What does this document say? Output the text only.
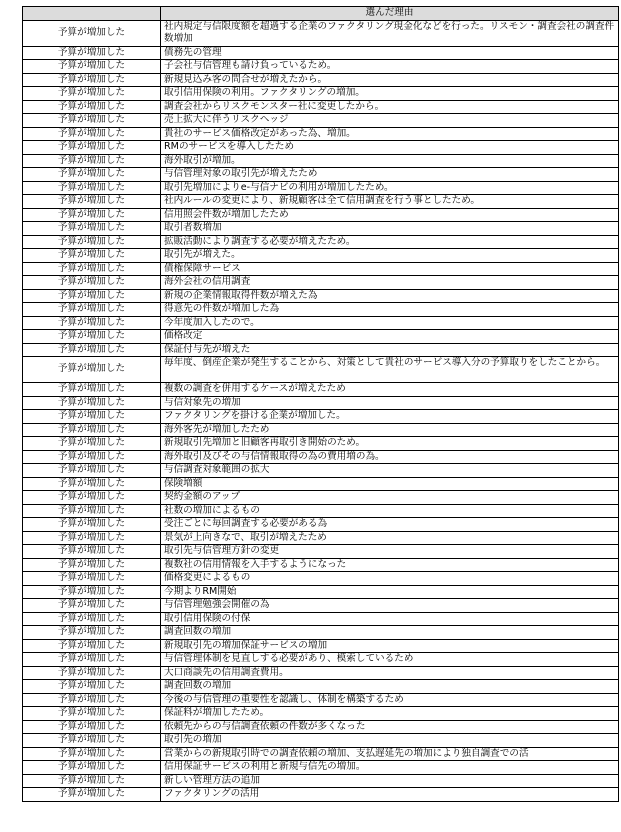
	選んだ理由
予算が増加した	社内規定与信限度額を超過する企業のファクタリング現金化などを行った。リスモン・調査会社の調査件数増加
予算が増加した	債務先の管理
予算が増加した	子会社与信管理も請け負っているため。
予算が増加した	新規見込み客の問合せが増えたから。
予算が増加した	取引信用保険の利用。ファクタリングの増加。
予算が増加した	調査会社からリスクモンスター社に変更したから。
予算が増加した	売上拡大に伴うリスクヘッジ
予算が増加した	貴社のサービス価格改定があった為、増加。
予算が増加した	RMのサービスを導入したため
予算が増加した	海外取引が増加。
予算が増加した	与信管理対象の取引先が増えたため
予算が増加した	取引先増加によりe-与信ナビの利用が増加したため。
予算が増加した	社内ルールの変更により、新規顧客は全て信用調査を行う事としたため。
予算が増加した	信用照会件数が増加したため
予算が増加した	取引者数増加
予算が増加した	拡販活動により調査する必要が増えたため。
予算が増加した	取引先が増えた。
予算が増加した	債権保障サービス
予算が増加した	海外会社の信用調査
予算が増加した	新規の企業情報取得件数が増えた為
予算が増加した	得意先の件数が増加した為
予算が増加した	今年度加入したので。
予算が増加した	価格改定
予算が増加した	保証付与先が増えた
予算が増加した	毎年度、倒産企業が発生することから、対策として貴社のサービス導入分の予算取りをしたことから。
予算が増加した	複数の調査を併用するケースが増えたため
予算が増加した	与信対象先の増加
予算が増加した	ファクタリングを掛ける企業が増加した。
予算が増加した	海外客先が増加したため
予算が増加した	新規取引先増加と旧顧客再取引き開始のため。
予算が増加した	海外取引及びその与信情報取得の為の費用増の為。
予算が増加した	与信調査対象範囲の拡大
予算が増加した	保険増額
予算が増加した	契約金額のアップ
予算が増加した	社数の増加によるもの
予算が増加した	受注ごとに毎回調査する必要がある為
予算が増加した	景気が上向きなで、取引が増えたため
予算が増加した	取引先与信管理方針の変更
予算が増加した	複数社の信用情報を入手するようになった
予算が増加した	価格変更によるもの
予算が増加した	今期よりRM開始
予算が増加した	与信管理勉強会開催の為
予算が増加した	取引信用保険の付保
予算が増加した	調査回数の増加
予算が増加した	新規取引先の増加保証サービスの増加
予算が増加した	与信管理体制を見直しする必要があり、模索しているため
予算が増加した	大口商談先の信用調査費用。
予算が増加した	調査回数の増加
予算が増加した	今後の与信管理の重要性を認識し、体制を構築するため
予算が増加した	保証料が増加したため。
予算が増加した	依頼先からの与信調査依頼の件数が多くなった
予算が増加した	取引先の増加
予算が増加した	営業からの新規取引時での調査依頼の増加、支払遅延先の増加により独自調査での活
予算が増加した	信用保証サービスの利用と新規与信先の増加。
予算が増加した	新しい管理方法の追加
予算が増加した	ファクタリングの活用
